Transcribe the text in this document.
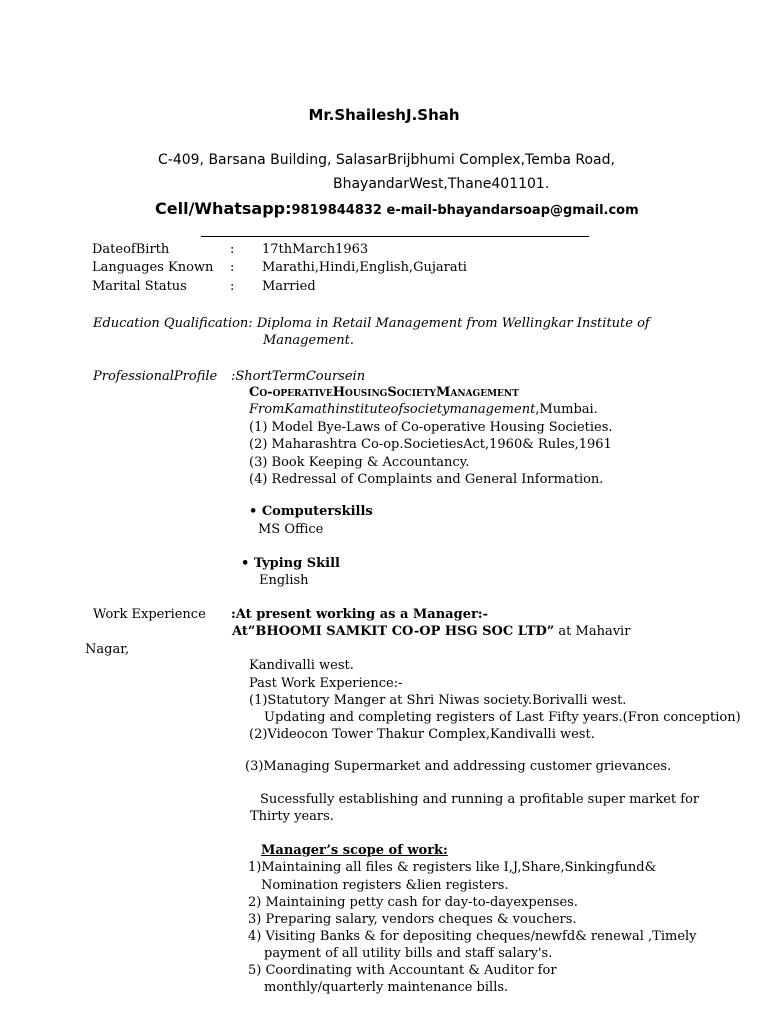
Mr.ShaileshJ.Shah
C-409, Barsana Building, SalasarBrijbhumi Complex,Temba Road,
BhayandarWest,Thane401101.
Cell/Whatsapp:9819844832 e-mail-bhayandarsoap@gmail.com
DateofBirth	: 17thMarch1963
Languages Known : Marathi,Hindi,English,Gujarati
Marital Status	: Married
Education Qualification: Diploma in Retail Management from Wellingkar Institute of
Management.
ProfessionalProfile :ShortTermCoursein
Co-operativeHousingSocietyManagement
FromKamathinstituteofsocietymanagement,Mumbai.
(1) Model Bye-Laws of Co-operative Housing Societies.
(2) Maharashtra Co-op.SocietiesAct,1960& Rules,1961
(3) Book Keeping & Accountancy.
(4) Redressal of Complaints and General Information.
• Computerskills
MS Office
• Typing Skill
English
Work Experience :At present working as a Manager:-
At”BHOOMI SAMKIT CO-OP HSG SOC LTD” at Mahavir
Nagar,
Kandivalli west.
Past Work Experience:-
(1)Statutory Manger at Shri Niwas society.Borivalli west.
Updating and completing registers of Last Fifty years.(Fron conception)
(2)Videocon Tower Thakur Complex,Kandivalli west.
(3)Managing Supermarket and addressing customer grievances.
Sucessfully establishing and running a profitable super market for
Thirty years.
Manager’s scope of work:
1)Maintaining all files & registers like I,J,Share,Sinkingfund&
Nomination registers &lien registers.
2) Maintaining petty cash for day-to-dayexpenses.
3) Preparing salary, vendors cheques & vouchers.
4) Visiting Banks & for depositing cheques/newfd& renewal ,Timely
payment of all utility bills and staff salary's.
5) Coordinating with Accountant & Auditor for
monthly/quarterly maintenance bills.
